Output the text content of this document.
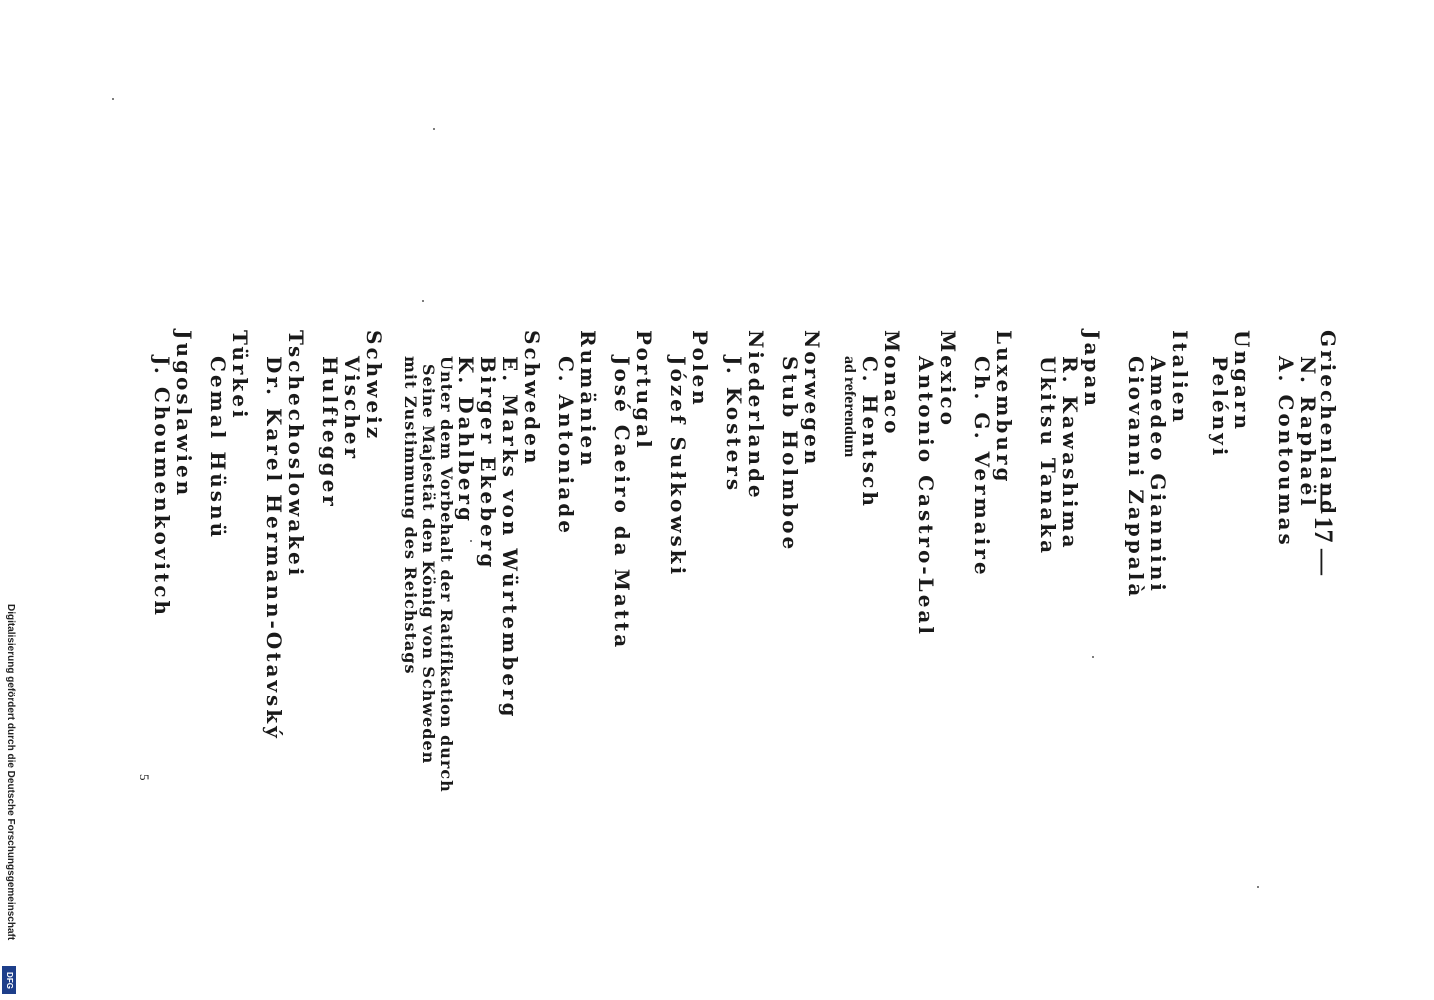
— 17 —
Griechenland
N. Raphaël
A. Contoumas
Ungarn
Pelényi
Italien
Amedeo Giannini
Giovanni Zappalà
Japan
R. Kawashima
Ukitsu Tanaka
Luxemburg
Ch. G. Vermaire
Mexico
Antonio Castro-Leal
Monaco
C. Hentsch
ad referendum
Norwegen
Stub Holmboe
Niederlande
J. Kosters
Polen
Józef Sułkowski
Portugal
José Caeiro da Matta
Rumänien
C. Antoniade
Schweden
E. Marks von Würtemberg
Birger Ekeberg
K. Dahlberg
Unter dem Vorbehalt der Ratifikation durch
Seine Majestät den König von Schweden
mit Zustimmung des Reichstags
Schweiz
Vischer
Hulftegger
Tschechoslowakei
Dr. Karel Hermann-Otavský
Türkei
Cemal Hüsnü
Jugoslawien
J. Choumenkovitch
5
Digitalisierung gefördert durch die Deutsche Forschungsgemeinschaft
DFG
